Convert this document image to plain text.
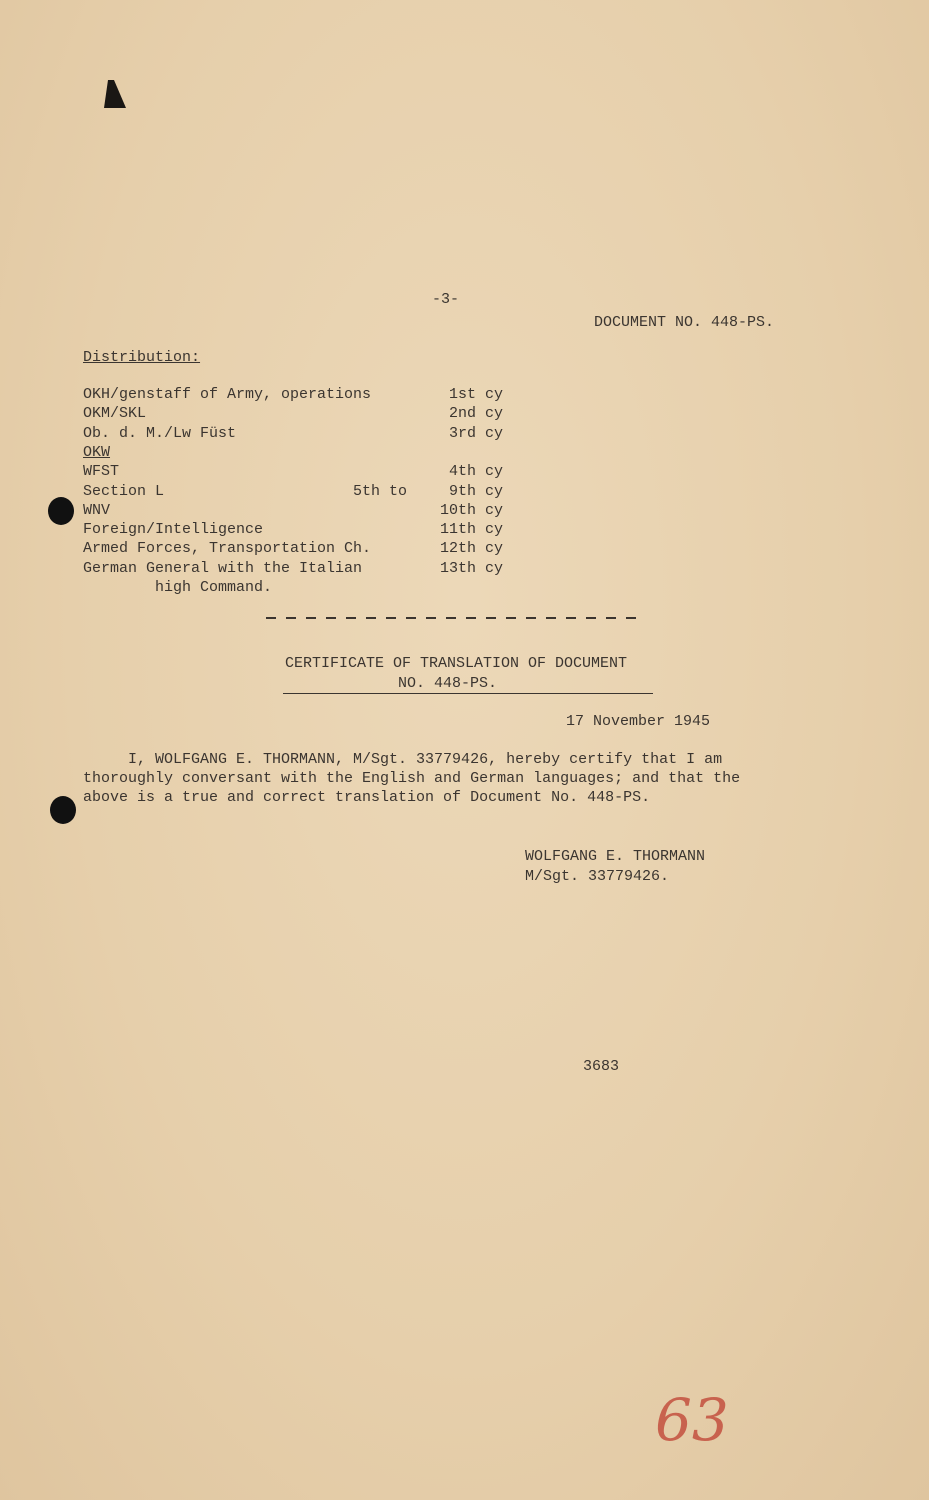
-3-
DOCUMENT NO. 448-PS.
Distribution:
OKH/genstaff of Army, operations	1st cy
OKM/SKL	2nd cy
Ob. d. M./Lw Füst	3rd cy
OKW
WFST	4th cy
Section L	5th to	9th cy
WNV	10th cy
Foreign/Intelligence	11th cy
Armed Forces, Transportation Ch.	12th cy
German General with the Italian	13th cy
high Command.
CERTIFICATE OF TRANSLATION OF DOCUMENT
NO. 448-PS.
17 November 1945
I, WOLFGANG E. THORMANN, M/Sgt. 33779426, hereby certify that I am
thoroughly conversant with the English and German languages; and that the
above is a true and correct translation of Document No. 448-PS.
WOLFGANG E. THORMANN
M/Sgt. 33779426.
3683
63
